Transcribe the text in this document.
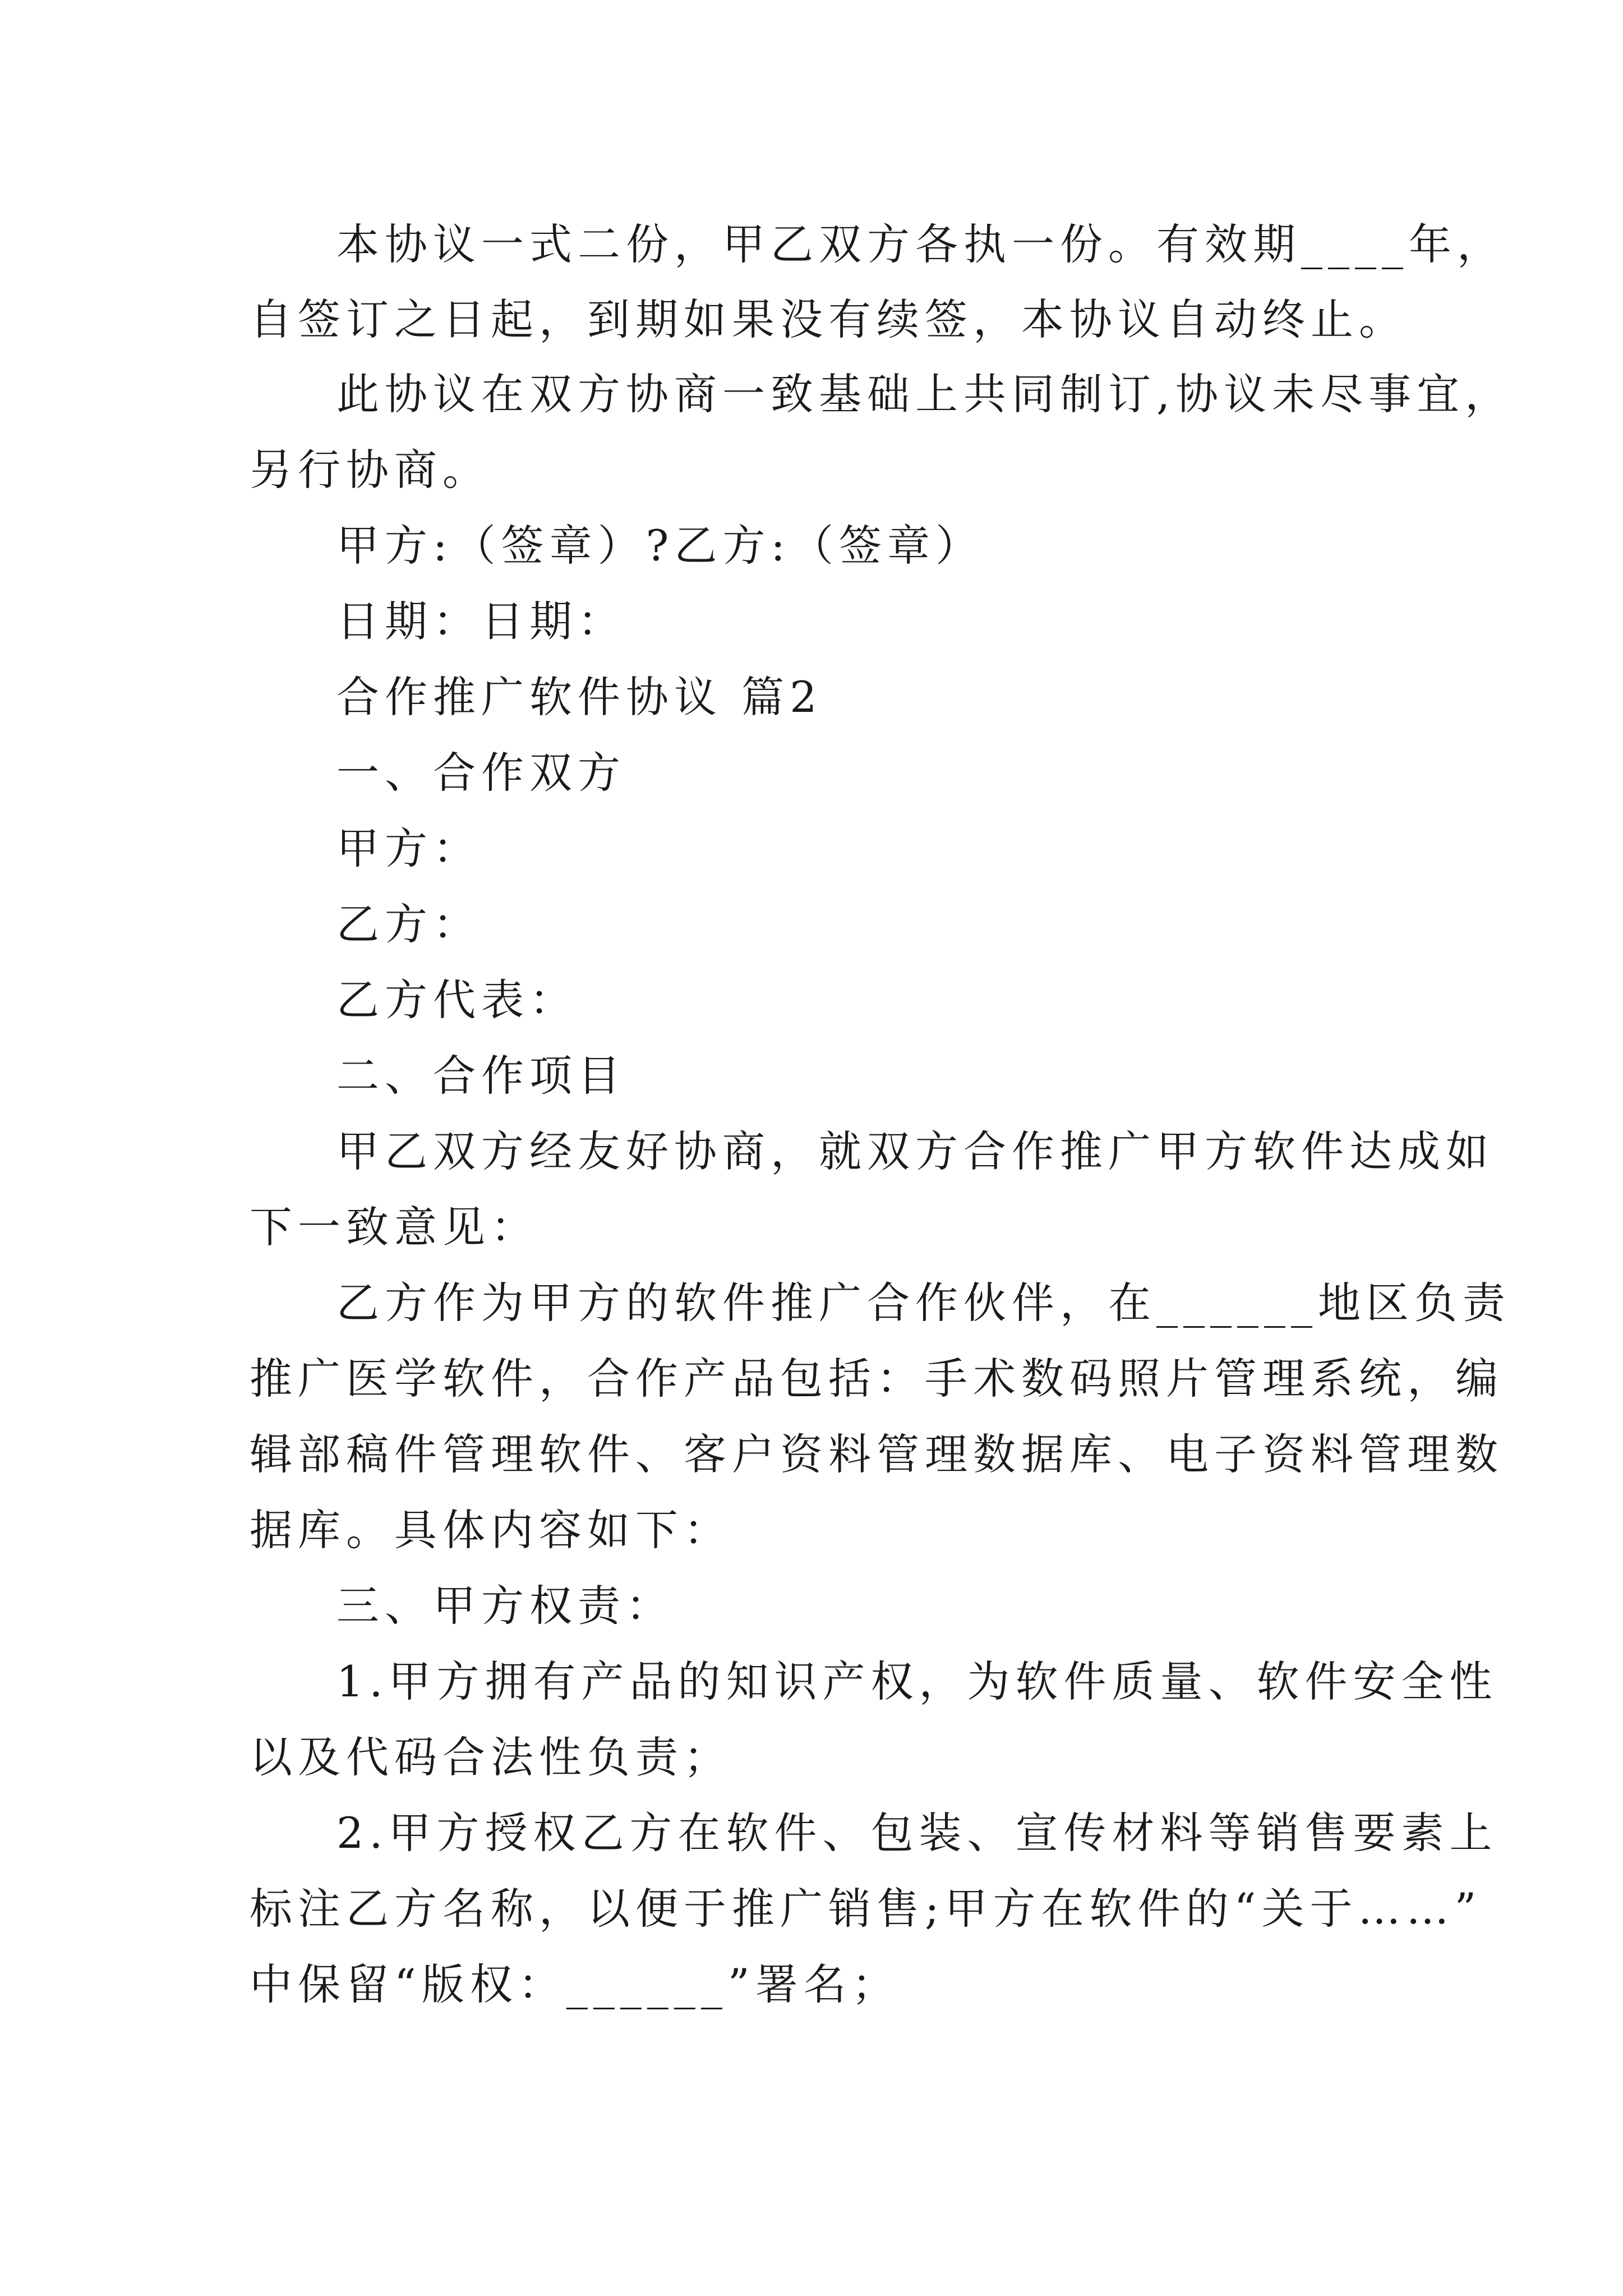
本协议一式二份，甲乙双方各执一份。有效期____年，

自签订之日起，到期如果没有续签，本协议自动终止。

此协议在双方协商一致基础上共同制订,协议未尽事宜，

另行协商。

甲方:（签章）?乙方:（签章）

日期：日期：

合作推广软件协议 篇2

一、合作双方

甲方：

乙方：

乙方代表：

二、合作项目

甲乙双方经友好协商，就双方合作推广甲方软件达成如

下一致意见：

乙方作为甲方的软件推广合作伙伴，在______地区负责

推广医学软件，合作产品包括：手术数码照片管理系统，编

辑部稿件管理软件、客户资料管理数据库、电子资料管理数

据库。具体内容如下：

三、甲方权责：

1.甲方拥有产品的知识产权，为软件质量、软件安全性

以及代码合法性负责；

2.甲方授权乙方在软件、包装、宣传材料等销售要素上

标注乙方名称，以便于推广销售;甲方在软件的“关于……”

中保留“版权：______”署名；
